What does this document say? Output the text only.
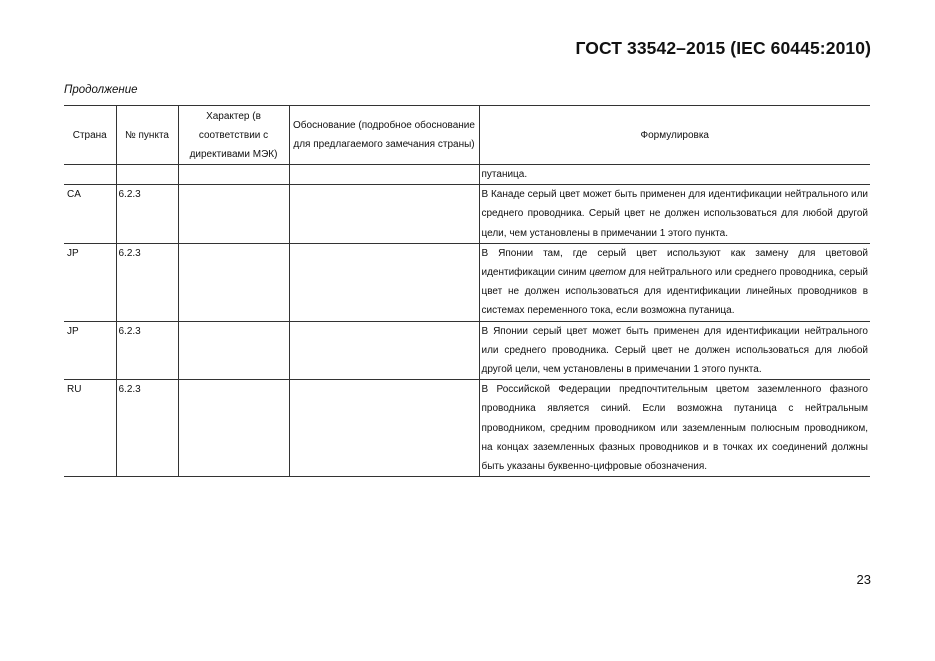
ГОСТ 33542–2015 (IEC 60445:2010)
Продолжение
Страна	№ пункта	Характер (в соответствии с директивами МЭК)	Обоснование (подробное обоснование для предлагаемого замечания страны)	Формулировка
				путаница.
CA	6.2.3			В Канаде серый цвет может быть применен для идентификации нейтрального или среднего проводника. Серый цвет не должен использоваться для любой другой цели, чем установлены в примечании 1 этого пункта.
JP	6.2.3			В Японии там, где серый цвет используют как замену для цветовой идентификации синим цветом для нейтрального или среднего проводника, серый цвет не должен использоваться для идентификации линейных проводников в системах переменного тока, если возможна путаница.
JP	6.2.3			В Японии серый цвет может быть применен для идентификации нейтрального или среднего проводника. Серый цвет не должен использоваться для любой другой цели, чем установлены в примечании 1 этого пункта.
RU	6.2.3			В Российской Федерации предпочтительным цветом заземленного фазного проводника является синий. Если возможна путаница с нейтральным проводником, средним проводником или заземленным полюсным проводником, на концах заземленных фазных проводников и в точках их соединений должны быть указаны буквенно-цифровые обозначения.
23
